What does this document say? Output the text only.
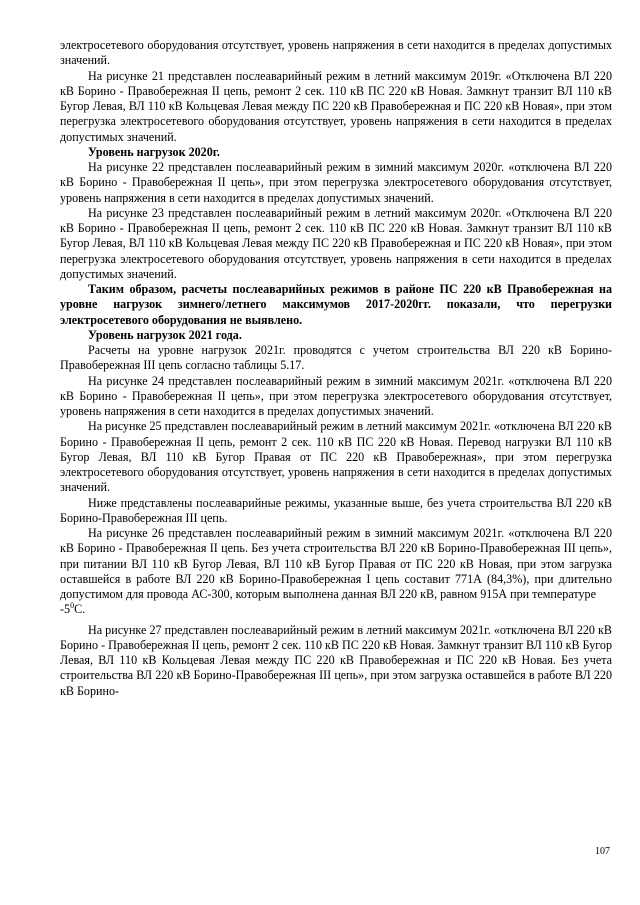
электросетевого оборудования отсутствует, уровень напряжения в сети находится в пределах допустимых значений.

На рисунке 21 представлен послеаварийный режим в летний максимум 2019г. «Отключена ВЛ 220 кВ Борино - Правобережная II цепь, ремонт 2 сек. 110 кВ ПС 220 кВ Новая. Замкнут транзит ВЛ 110 кВ Бугор Левая, ВЛ 110 кВ Кольцевая Левая между ПС 220 кВ Правобережная и ПС 220 кВ Новая», при этом перегрузка электросетевого оборудования отсутствует, уровень напряжения в сети находится в пределах допустимых значений.

Уровень нагрузок 2020г.

На рисунке 22 представлен послеаварийный режим в зимний максимум 2020г. «отключена ВЛ 220 кВ Борино - Правобережная II цепь», при этом перегрузка электросетевого оборудования отсутствует, уровень напряжения в сети находится в пределах допустимых значений.

На рисунке 23 представлен послеаварийный режим в летний максимум 2020г. «Отключена ВЛ 220 кВ Борино - Правобережная II цепь, ремонт 2 сек. 110 кВ ПС 220 кВ Новая. Замкнут транзит ВЛ 110 кВ Бугор Левая, ВЛ 110 кВ Кольцевая Левая между ПС 220 кВ Правобережная и ПС 220 кВ Новая», при этом перегрузка электросетевого оборудования отсутствует, уровень напряжения в сети находится в пределах допустимых значений.

Таким образом, расчеты послеаварийных режимов в районе ПС 220 кВ Правобережная на уровне нагрузок зимнего/летнего максимумов 2017-2020гг. показали, что перегрузки электросетевого оборудования не выявлено.

Уровень нагрузок 2021 года.

Расчеты на уровне нагрузок 2021г. проводятся с учетом строительства ВЛ 220 кВ Борино-Правобережная III цепь согласно таблицы 5.17.

На рисунке 24 представлен послеаварийный режим в зимний максимум 2021г. «отключена ВЛ 220 кВ Борино - Правобережная II цепь», при этом перегрузка электросетевого оборудования отсутствует, уровень напряжения в сети находится в пределах допустимых значений.

На рисунке 25 представлен послеаварийный режим в летний максимум 2021г. «отключена ВЛ 220 кВ Борино - Правобережная II цепь, ремонт 2 сек. 110 кВ ПС 220 кВ Новая. Перевод нагрузки ВЛ 110 кВ Бугор Левая, ВЛ 110 кВ Бугор Правая от ПС 220 кВ Правобережная», при этом перегрузка электросетевого оборудования отсутствует, уровень напряжения в сети находится в пределах допустимых значений.

Ниже представлены послеаварийные режимы, указанные выше, без учета строительства ВЛ 220 кВ Борино-Правобережная III цепь.

На рисунке 26 представлен послеаварийный режим в зимний максимум 2021г. «отключена ВЛ 220 кВ Борино - Правобережная II цепь. Без учета строительства ВЛ 220 кВ Борино-Правобережная III цепь», при питании ВЛ 110 кВ Бугор Левая, ВЛ 110 кВ Бугор Правая от ПС 220 кВ Новая, при этом загрузка оставшейся в работе ВЛ 220 кВ Борино-Правобережная I цепь составит 771А (84,3%), при длительно допустимом для провода АС-300, которым выполнена данная ВЛ 220 кВ, равном 915А при температуре

$-5^0С$.

На рисунке 27 представлен послеаварийный режим в летний максимум 2021г. «отключена ВЛ 220 кВ Борино - Правобережная II цепь, ремонт 2 сек. 110 кВ ПС 220 кВ Новая. Замкнут транзит ВЛ 110 кВ Бугор Левая, ВЛ 110 кВ Кольцевая Левая между ПС 220 кВ Правобережная и ПС 220 кВ Новая. Без учета строительства ВЛ 220 кВ Борино-Правобережная III цепь», при этом загрузка оставшейся в работе ВЛ 220 кВ Борино-

107
